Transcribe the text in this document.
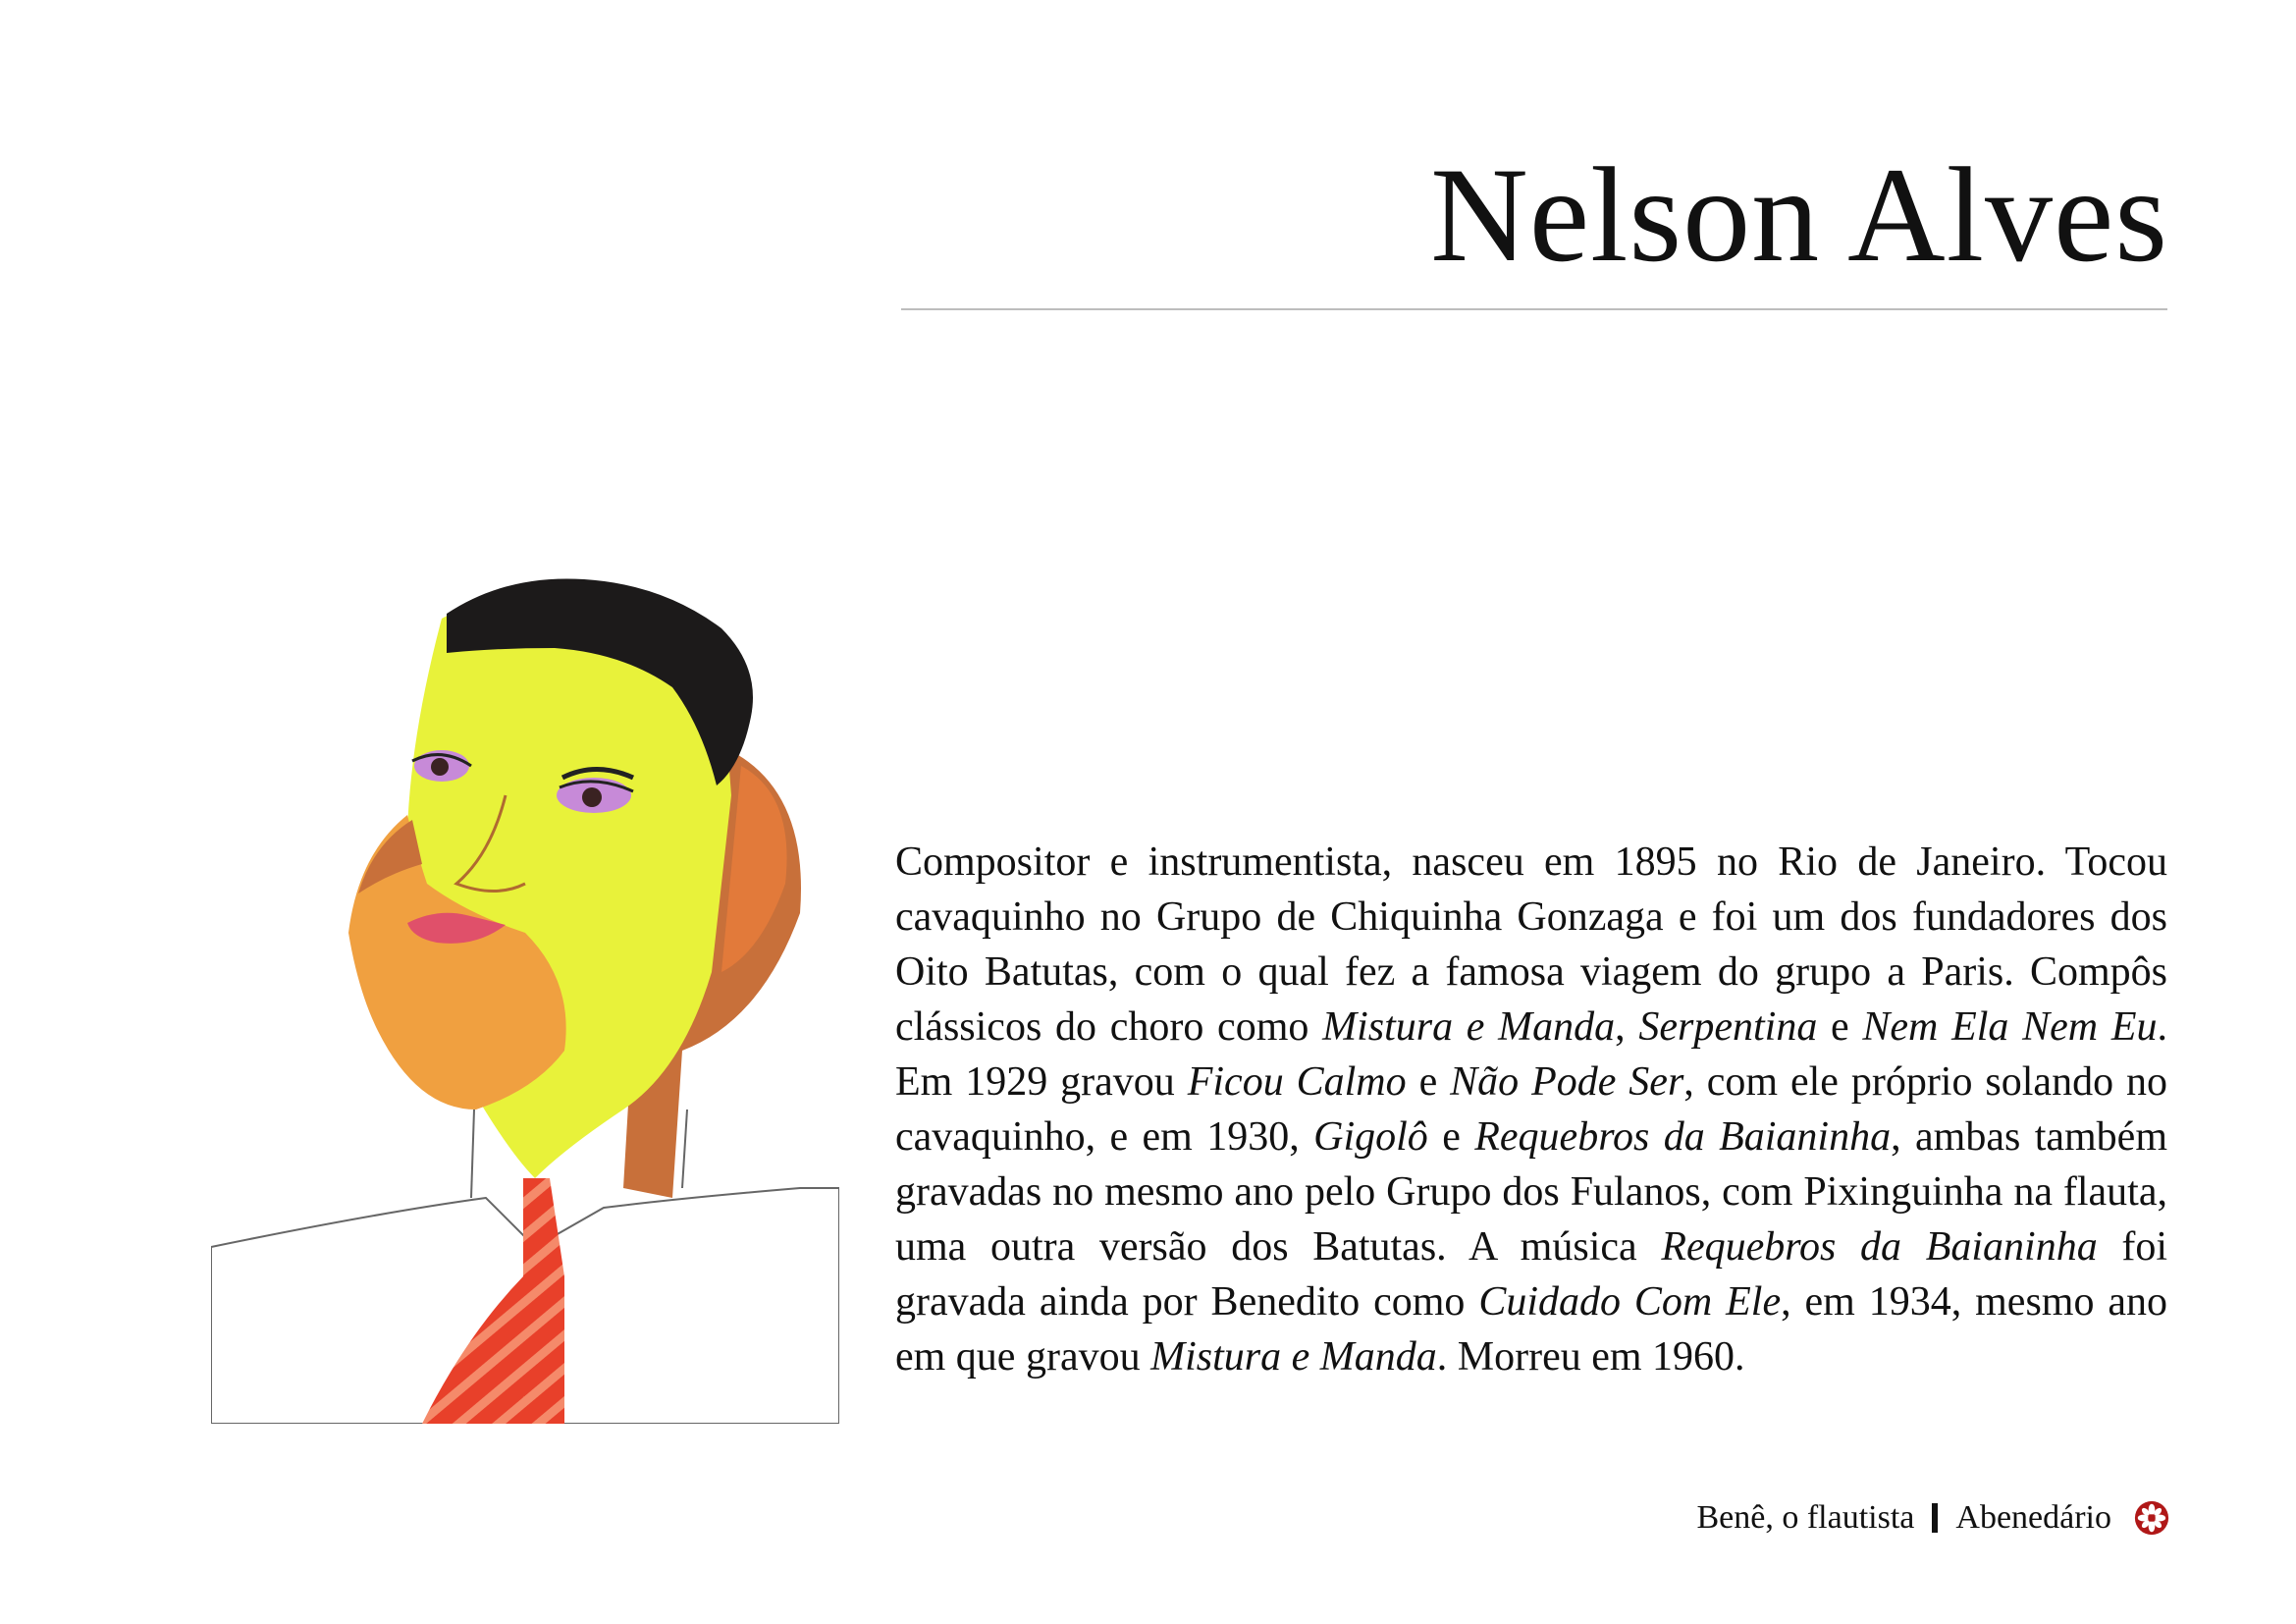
Nelson Alves

Compositor e instrumentista, nasceu em 1895 no Rio de Janeiro. Tocou cavaquinho no Grupo de Chiquinha Gonzaga e foi um dos fundadores dos Oito Batutas, com o qual fez a famosa viagem do grupo a Paris. Compôs clássicos do choro como Mistura e Manda, Serpentina e Nem Ela Nem Eu. Em 1929 gravou Ficou Calmo e Não Pode Ser, com ele próprio solando no cavaquinho, e em 1930, Gigolô e Requebros da Baianinha, ambas também gravadas no mesmo ano pelo Grupo dos Fulanos, com Pixinguinha na flauta, uma outra versão dos Batutas. A música Requebros da Baianinha foi gravada ainda por Benedito como Cuidado Com Ele, em 1934, mesmo ano em que gravou Mistura e Manda. Morreu em 1960.

Benê, o flautista Abenedário
